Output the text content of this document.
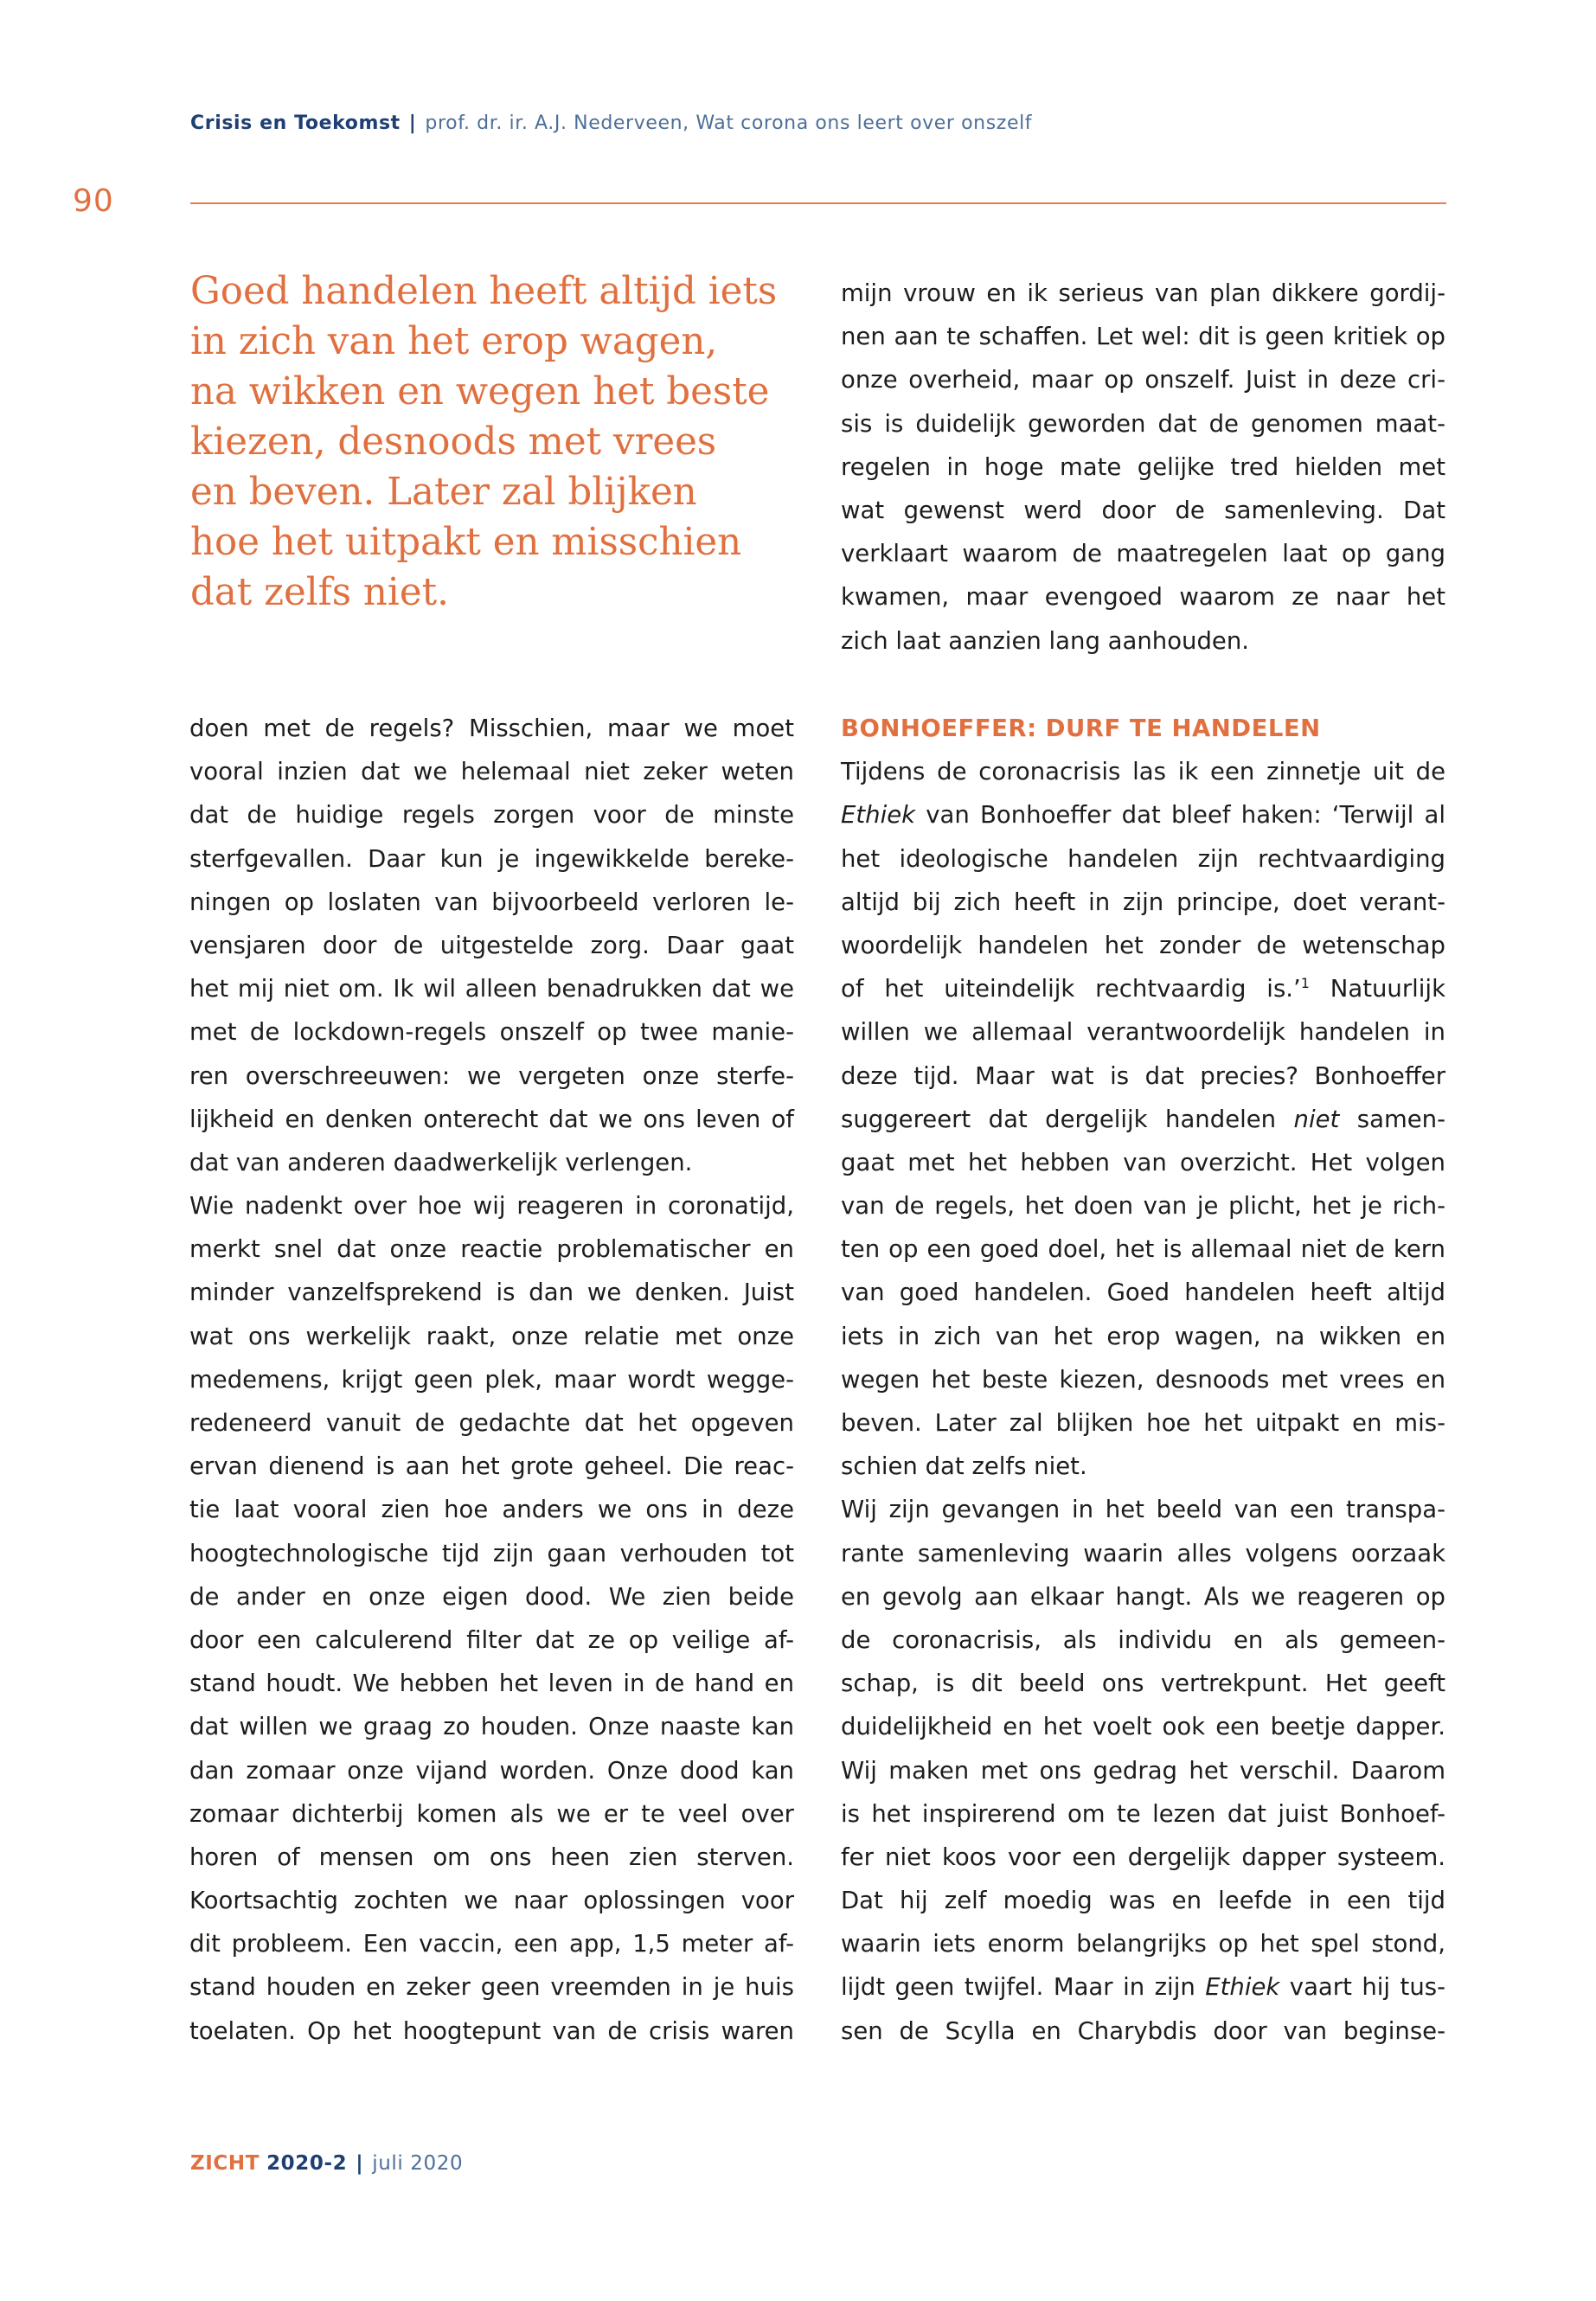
Crisis en Toekomst | prof. dr. ir. A.J. Nederveen, Wat corona ons leert over onszelf
90
Goed handelen heeft altijd iets
in zich van het erop wagen,
na wikken en wegen het beste
kiezen, desnoods met vrees
en beven. Later zal blijken
hoe het uitpakt en misschien
dat zelfs niet.
mijn vrouw en ik serieus van plan dikkere gordij-
nen aan te schaffen. Let wel: dit is geen kritiek op
onze overheid, maar op onszelf. Juist in deze cri-
sis is duidelijk geworden dat de genomen maat-
regelen in hoge mate gelijke tred hielden met
wat gewenst werd door de samenleving. Dat
verklaart waarom de maatregelen laat op gang
kwamen, maar evengoed waarom ze naar het
zich laat aanzien lang aanhouden.
doen met de regels? Misschien, maar we moet
vooral inzien dat we helemaal niet zeker weten
dat de huidige regels zorgen voor de minste
sterfgevallen. Daar kun je ingewikkelde bereke-
ningen op loslaten van bijvoorbeeld verloren le-
vensjaren door de uitgestelde zorg. Daar gaat
het mij niet om. Ik wil alleen benadrukken dat we
met de lockdown-regels onszelf op twee manie-
ren overschreeuwen: we vergeten onze sterfe-
lijkheid en denken onterecht dat we ons leven of
dat van anderen daadwerkelijk verlengen.
Wie nadenkt over hoe wij reageren in coronatijd,
merkt snel dat onze reactie problematischer en
minder vanzelfsprekend is dan we denken. Juist
wat ons werkelijk raakt, onze relatie met onze
medemens, krijgt geen plek, maar wordt wegge-
redeneerd vanuit de gedachte dat het opgeven
ervan dienend is aan het grote geheel. Die reac-
tie laat vooral zien hoe anders we ons in deze
hoogtechnologische tijd zijn gaan verhouden tot
de ander en onze eigen dood. We zien beide
door een calculerend filter dat ze op veilige af-
stand houdt. We hebben het leven in de hand en
dat willen we graag zo houden. Onze naaste kan
dan zomaar onze vijand worden. Onze dood kan
zomaar dichterbij komen als we er te veel over
horen of mensen om ons heen zien sterven.
Koortsachtig zochten we naar oplossingen voor
dit probleem. Een vaccin, een app, 1,5 meter af-
stand houden en zeker geen vreemden in je huis
toelaten. Op het hoogtepunt van de crisis waren
BONHOEFFER: DURF TE HANDELEN
Tijdens de coronacrisis las ik een zinnetje uit de
Ethiek van Bonhoeffer dat bleef haken: ‘Terwijl al
het ideologische handelen zijn rechtvaardiging
altijd bij zich heeft in zijn principe, doet verant-
woordelijk handelen het zonder de wetenschap
of het uiteindelijk rechtvaardig is.’$^1$ Natuurlijk
willen we allemaal verantwoordelijk handelen in
deze tijd. Maar wat is dat precies? Bonhoeffer
suggereert dat dergelijk handelen niet samen-
gaat met het hebben van overzicht. Het volgen
van de regels, het doen van je plicht, het je rich-
ten op een goed doel, het is allemaal niet de kern
van goed handelen. Goed handelen heeft altijd
iets in zich van het erop wagen, na wikken en
wegen het beste kiezen, desnoods met vrees en
beven. Later zal blijken hoe het uitpakt en mis-
schien dat zelfs niet.
Wij zijn gevangen in het beeld van een transpa-
rante samenleving waarin alles volgens oorzaak
en gevolg aan elkaar hangt. Als we reageren op
de coronacrisis, als individu en als gemeen-
schap, is dit beeld ons vertrekpunt. Het geeft
duidelijkheid en het voelt ook een beetje dapper.
Wij maken met ons gedrag het verschil. Daarom
is het inspirerend om te lezen dat juist Bonhoef-
fer niet koos voor een dergelijk dapper systeem.
Dat hij zelf moedig was en leefde in een tijd
waarin iets enorm belangrijks op het spel stond,
lijdt geen twijfel. Maar in zijn Ethiek vaart hij tus-
sen de Scylla en Charybdis door van beginse-
ZICHT 2020-2 | juli 2020
